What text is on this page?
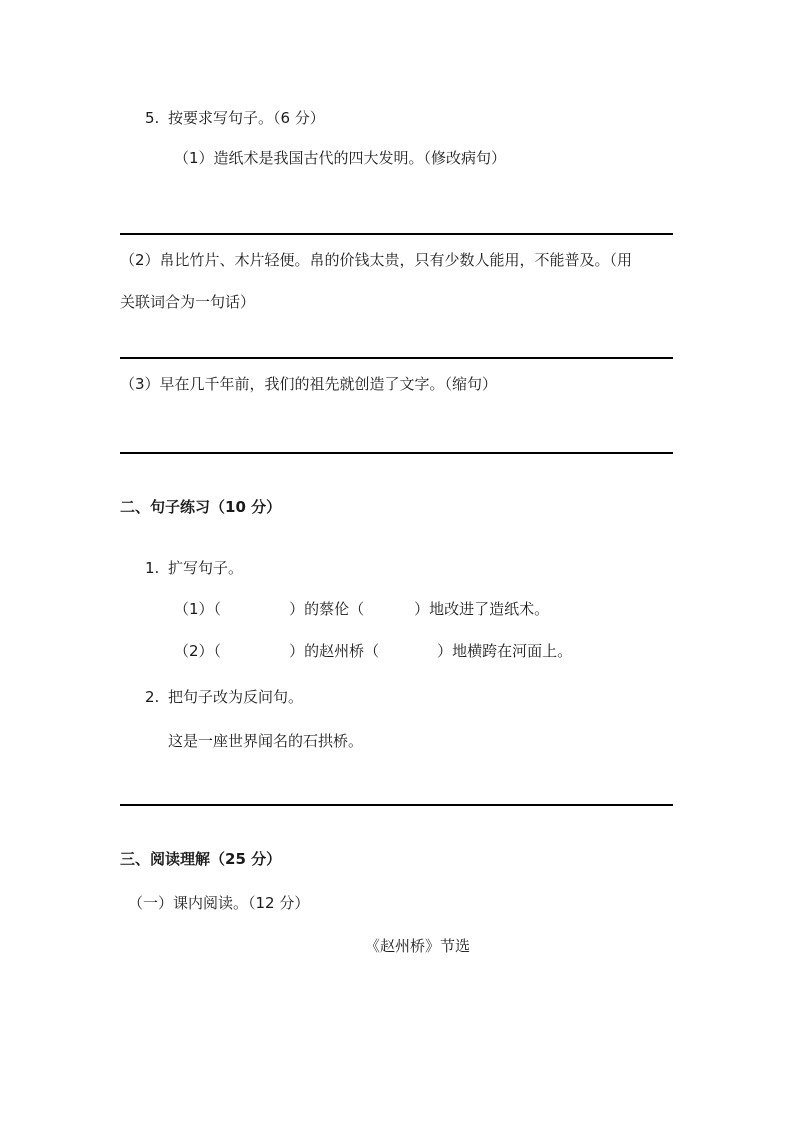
5. 按要求写句子。（6 分）
（1）造纸术是我国古代的四大发明。（修改病句）
（2）帛比竹片、木片轻便。帛的价钱太贵，只有少数人能用，不能普及。（用
关联词合为一句话）
（3）早在几千年前，我们的祖先就创造了文字。（缩句）
二、句子练习（10 分）
1. 扩写句子。
（1）（	）的蔡伦（	）地改进了造纸术。
（2）（	）的赵州桥（	）地横跨在河面上。
2. 把句子改为反问句。
这是一座世界闻名的石拱桥。
三、阅读理解（25 分）
（一）课内阅读。（12 分）
《赵州桥》节选
